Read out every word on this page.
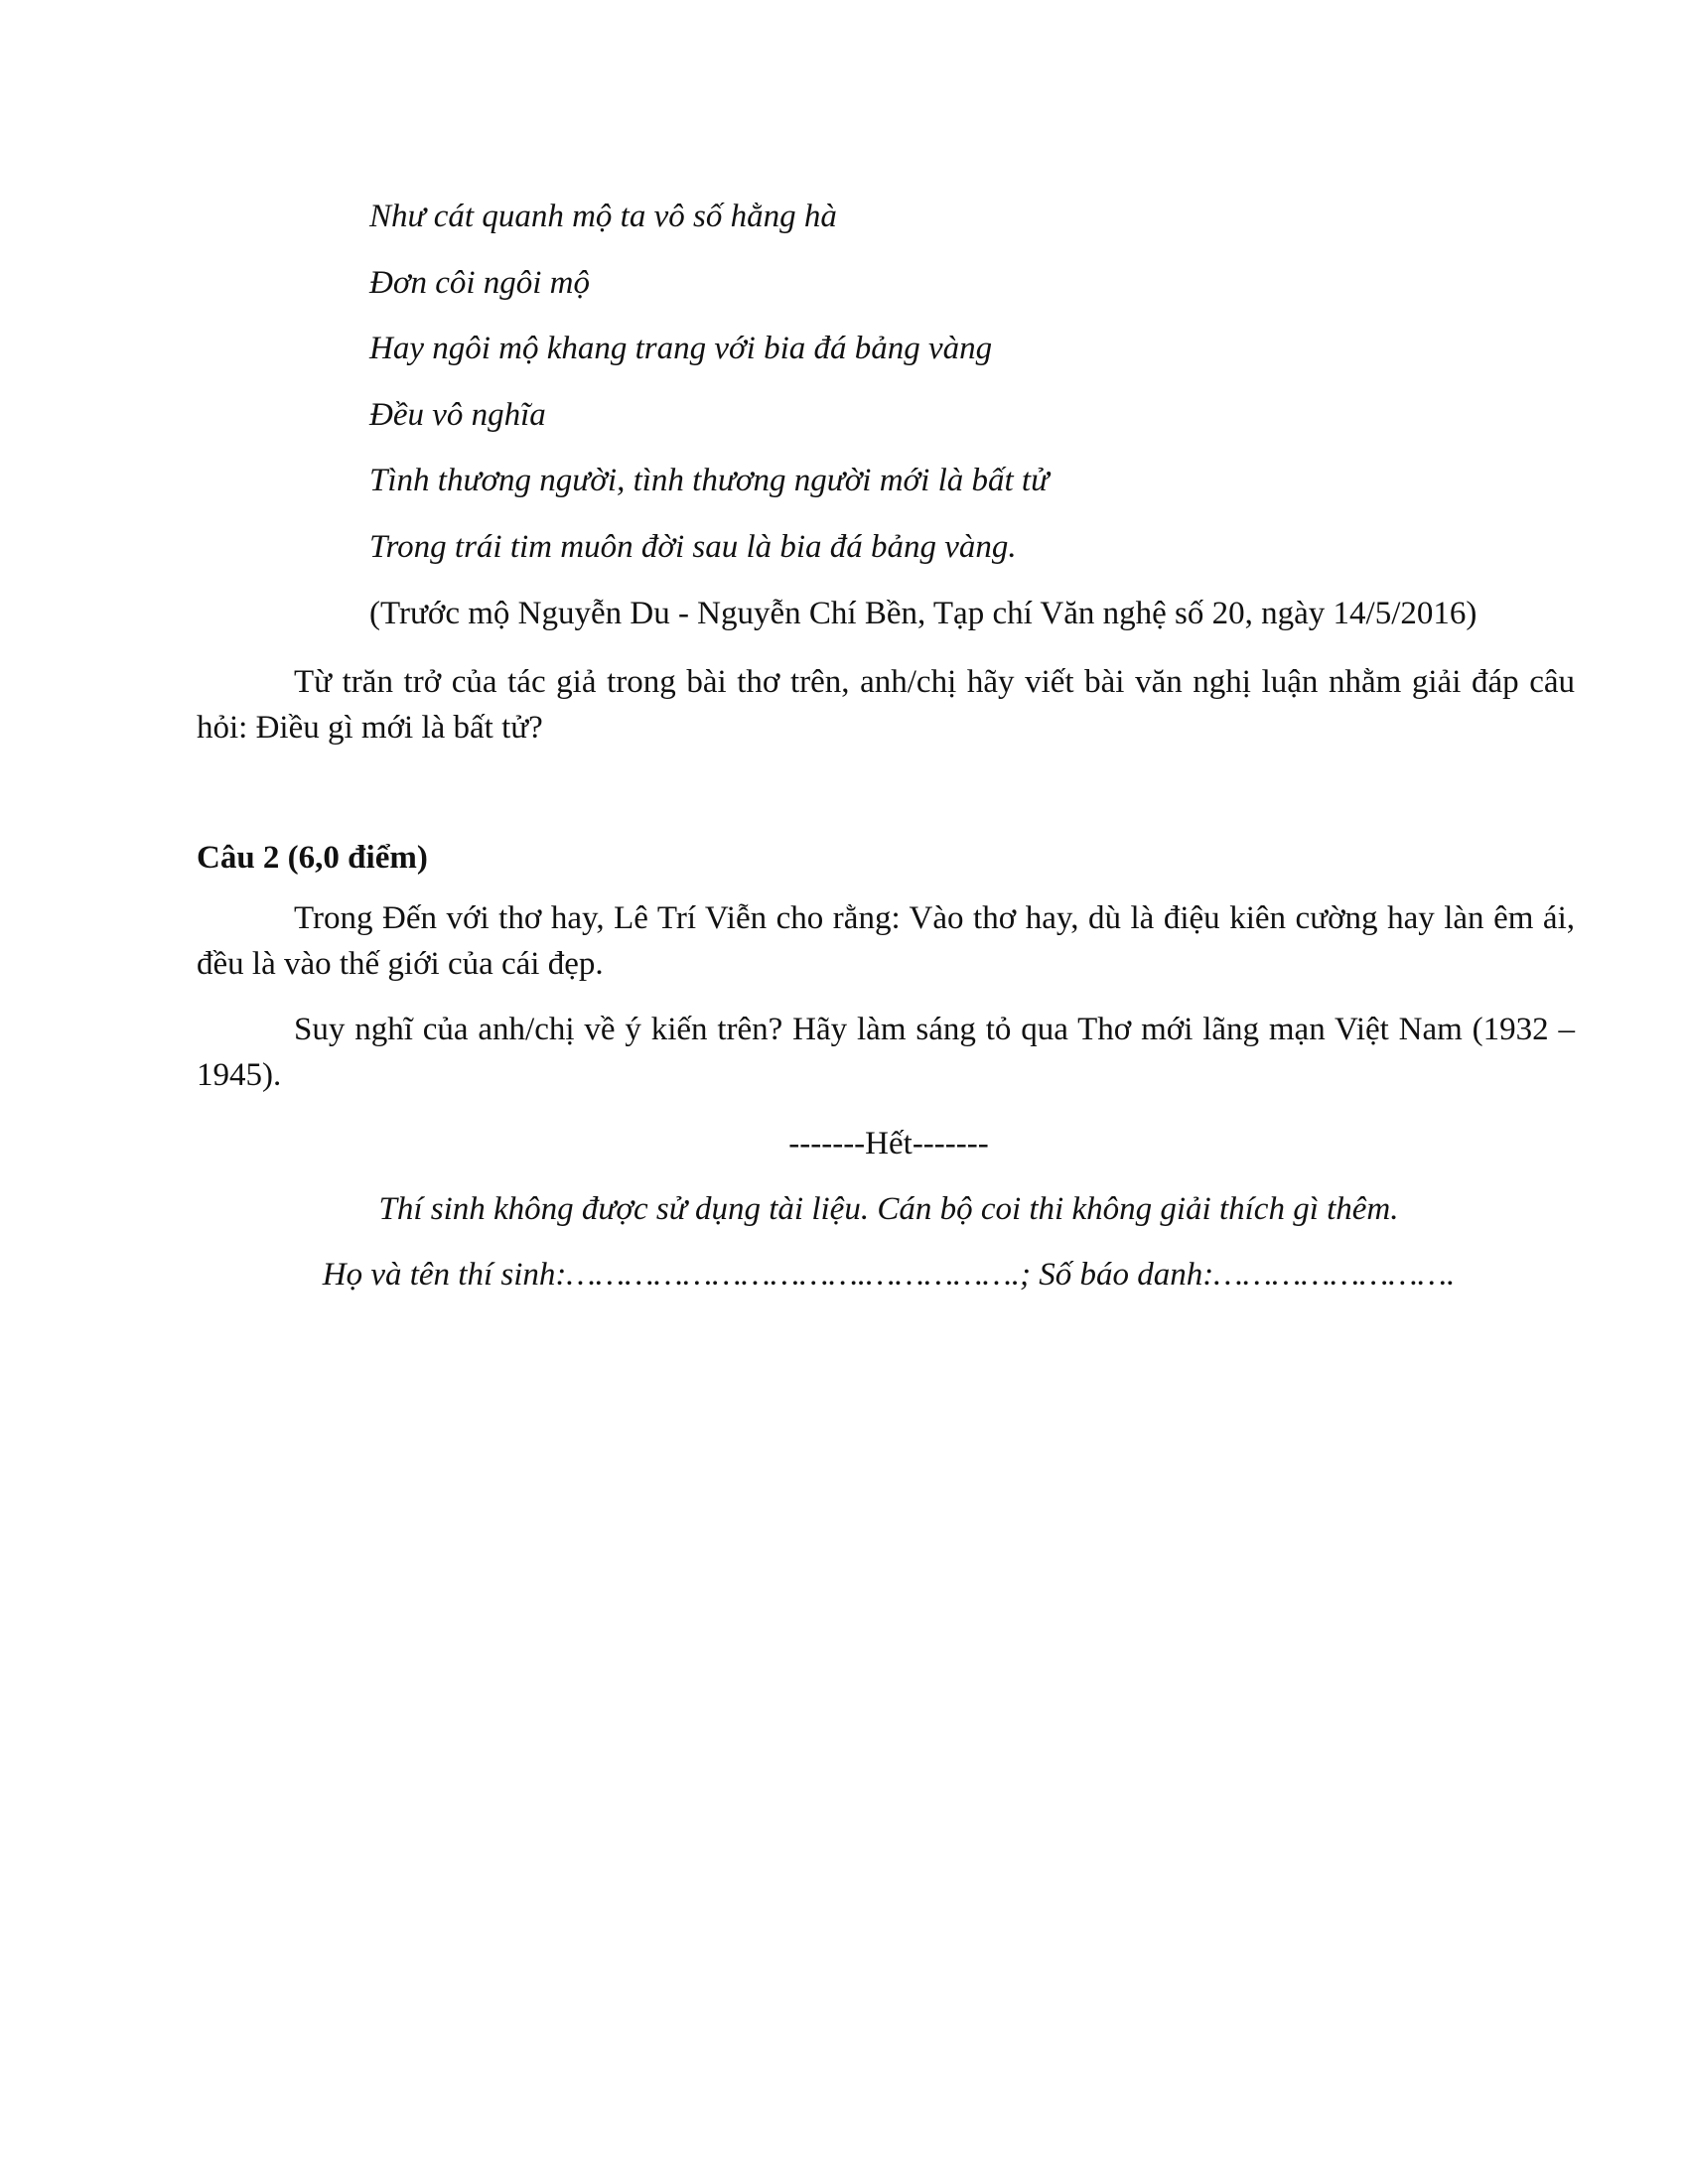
Như cát quanh mộ ta vô số hằng hà
Đơn côi ngôi mộ
Hay ngôi mộ khang trang với bia đá bảng vàng
Đều vô nghĩa
Tình thương người, tình thương người mới là bất tử
Trong trái tim muôn đời sau là bia đá bảng vàng.
(Trước mộ Nguyễn Du - Nguyễn Chí Bền, Tạp chí Văn nghệ số 20, ngày 14/5/2016)
Từ trăn trở của tác giả trong bài thơ trên, anh/chị hãy viết bài văn nghị luận nhằm giải đáp câu hỏi: Điều gì mới là bất tử?
Câu 2 (6,0 điểm)
Trong Đến với thơ hay, Lê Trí Viễn cho rằng: Vào thơ hay, dù là điệu kiên cường hay làn êm ái, đều là vào thế giới của cái đẹp.
Suy nghĩ của anh/chị về ý kiến trên? Hãy làm sáng tỏ qua Thơ mới lãng mạn Việt Nam (1932 – 1945).
-------Hết-------
Thí sinh không được sử dụng tài liệu. Cán bộ coi thi không giải thích gì thêm.
Họ và tên thí sinh:………………………….…………….; Số báo danh:…………………….
